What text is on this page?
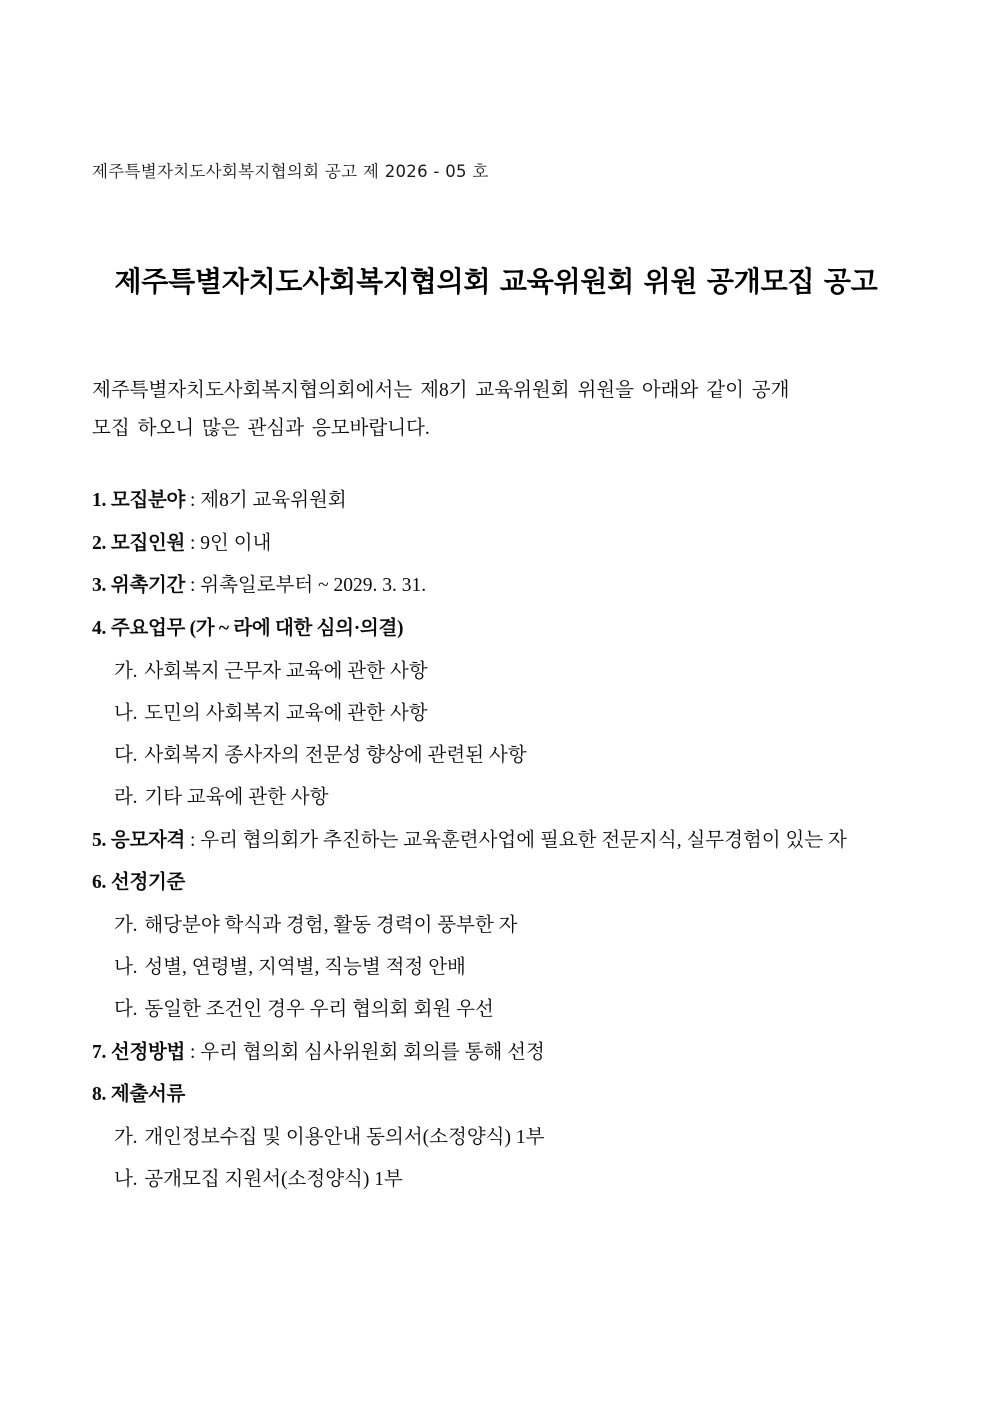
제주특별자치도사회복지협의회 공고 제 2026 - 05 호
제주특별자치도사회복지협의회 교육위원회 위원 공개모집 공고
제주특별자치도사회복지협의회에서는 제8기 교육위원회 위원을 아래와 같이 공개
모집 하오니 많은 관심과 응모바랍니다.
1. 모집분야 : 제8기 교육위원회
2. 모집인원 : 9인 이내
3. 위촉기간 : 위촉일로부터 ~ 2029. 3. 31.
4. 주요업무 (가 ~ 라에 대한 심의·의결)
가. 사회복지 근무자 교육에 관한 사항
나. 도민의 사회복지 교육에 관한 사항
다. 사회복지 종사자의 전문성 향상에 관련된 사항
라. 기타 교육에 관한 사항
5. 응모자격 : 우리 협의회가 추진하는 교육훈련사업에 필요한 전문지식, 실무경험이 있는 자
6. 선정기준
가. 해당분야 학식과 경험, 활동 경력이 풍부한 자
나. 성별, 연령별, 지역별, 직능별 적정 안배
다. 동일한 조건인 경우 우리 협의회 회원 우선
7. 선정방법 : 우리 협의회 심사위원회 회의를 통해 선정
8. 제출서류
가. 개인정보수집 및 이용안내 동의서(소정양식) 1부
나. 공개모집 지원서(소정양식) 1부
